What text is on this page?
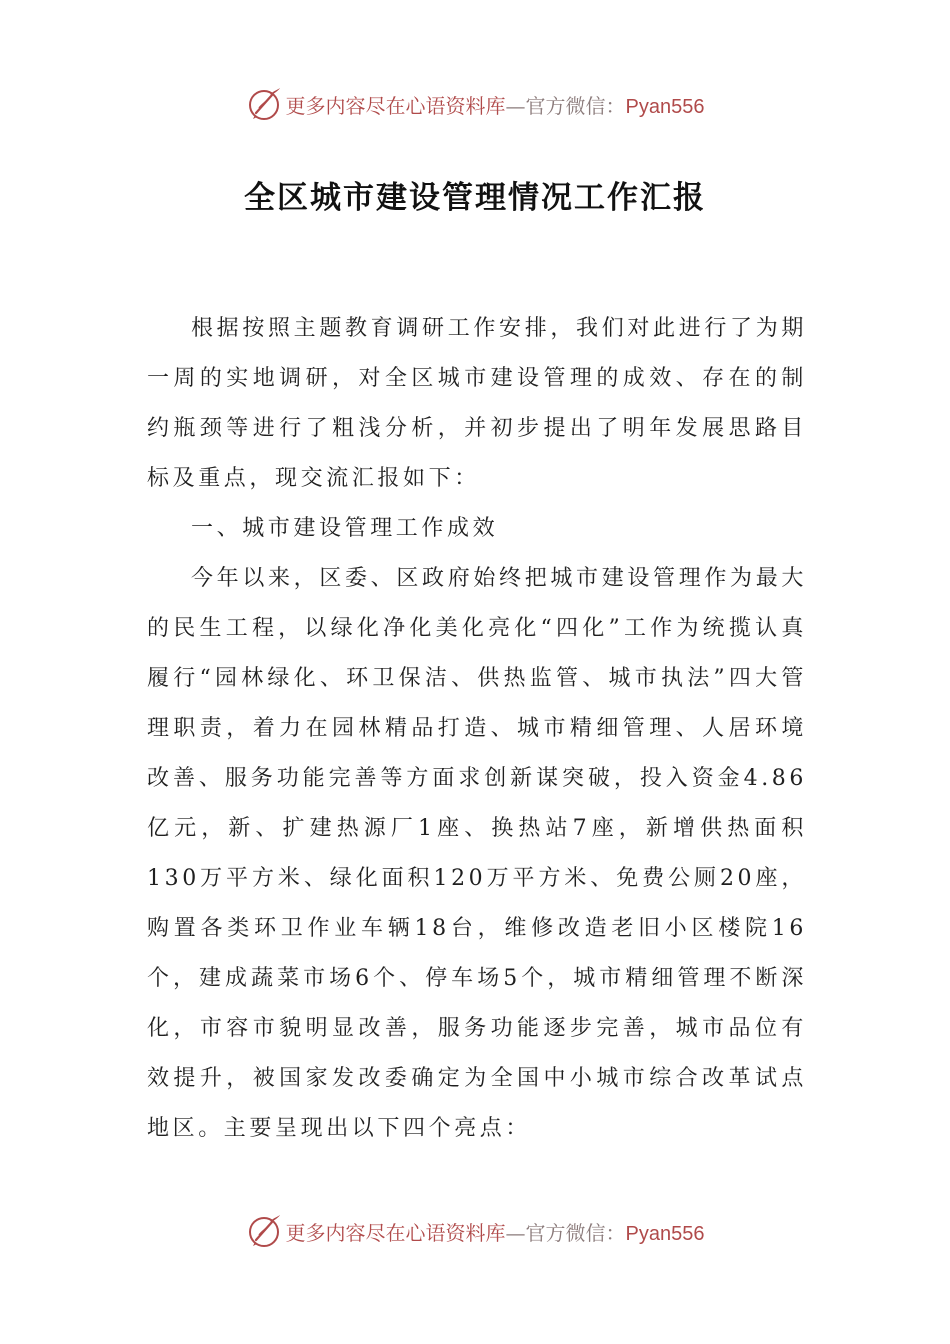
更多内容尽在心语资料库—官方微信：Pyan556
全区城市建设管理情况工作汇报

根据按照主题教育调研工作安排，我们对此进行了为期一周的实地调研，对全区城市建设管理的成效、存在的制约瓶颈等进行了粗浅分析，并初步提出了明年发展思路目标及重点，现交流汇报如下：

一、城市建设管理工作成效

今年以来，区委、区政府始终把城市建设管理作为最大的民生工程，以绿化净化美化亮化“四化”工作为统揽认真履行“园林绿化、环卫保洁、供热监管、城市执法”四大管理职责，着力在园林精品打造、城市精细管理、人居环境改善、服务功能完善等方面求创新谋突破，投入资金4.86亿元，新、扩建热源厂1座、换热站7座，新增供热面积130万平方米、绿化面积120万平方米、免费公厕20座，购置各类环卫作业车辆18台，维修改造老旧小区楼院16个，建成蔬菜市场6个、停车场5个，城市精细管理不断深化，市容市貌明显改善，服务功能逐步完善，城市品位有效提升，被国家发改委确定为全国中小城市综合改革试点地区。主要呈现出以下四个亮点：

更多内容尽在心语资料库—官方微信：Pyan556
